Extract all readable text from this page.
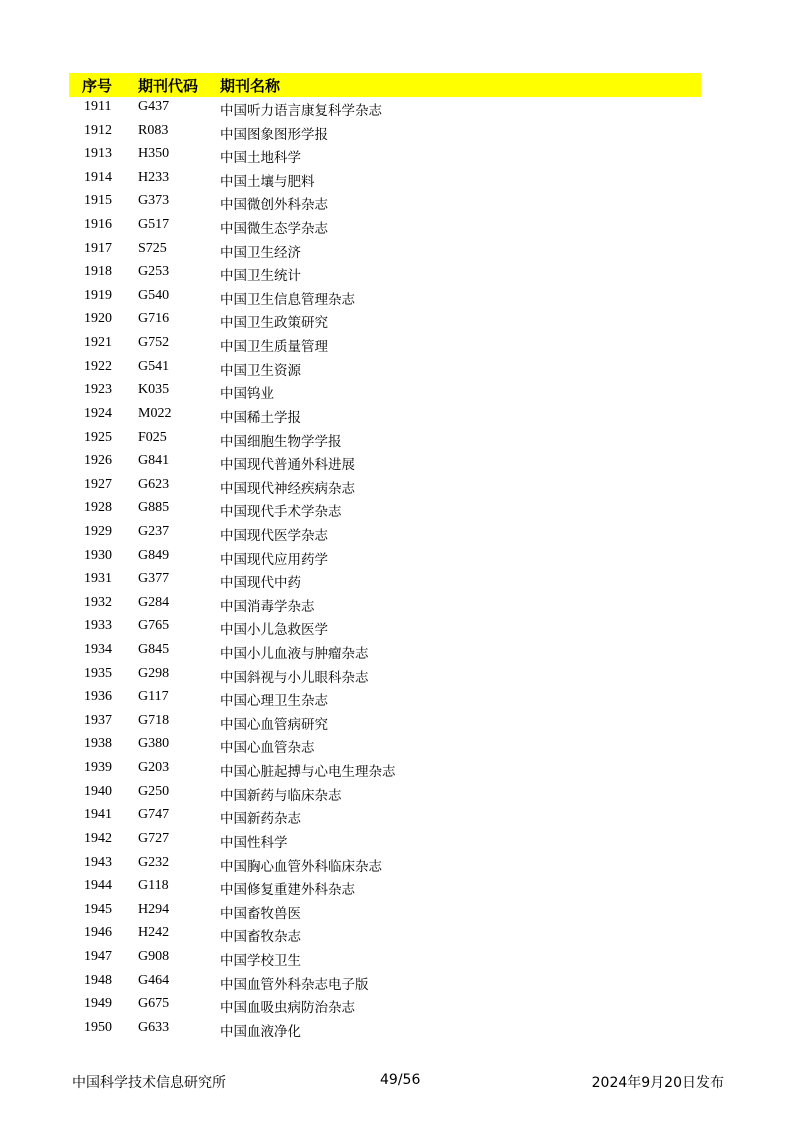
序号 期刊代码 期刊名称
1911 G437	中国听力语言康复科学杂志
1912 R083	中国图象图形学报
1913 H350	中国土地科学
1914 H233	中国土壤与肥料
1915 G373	中国微创外科杂志
1916 G517	中国微生态学杂志
1917 S725	中国卫生经济
1918 G253	中国卫生统计
1919 G540	中国卫生信息管理杂志
1920 G716	中国卫生政策研究
1921 G752	中国卫生质量管理
1922 G541	中国卫生资源
1923 K035	中国钨业
1924 M022	中国稀土学报
1925 F025	中国细胞生物学学报
1926 G841	中国现代普通外科进展
1927 G623	中国现代神经疾病杂志
1928 G885	中国现代手术学杂志
1929 G237	中国现代医学杂志
1930 G849	中国现代应用药学
1931 G377	中国现代中药
1932 G284	中国消毒学杂志
1933 G765	中国小儿急救医学
1934 G845	中国小儿血液与肿瘤杂志
1935 G298	中国斜视与小儿眼科杂志
1936 G117	中国心理卫生杂志
1937 G718	中国心血管病研究
1938 G380	中国心血管杂志
1939 G203	中国心脏起搏与心电生理杂志
1940 G250	中国新药与临床杂志
1941 G747	中国新药杂志
1942 G727	中国性科学
1943 G232	中国胸心血管外科临床杂志
1944 G118	中国修复重建外科杂志
1945 H294	中国畜牧兽医
1946 H242	中国畜牧杂志
1947 G908	中国学校卫生
1948 G464	中国血管外科杂志电子版
1949 G675	中国血吸虫病防治杂志
1950 G633	中国血液净化
中国科学技术信息研究所	49/56	2024年9月20日发布
